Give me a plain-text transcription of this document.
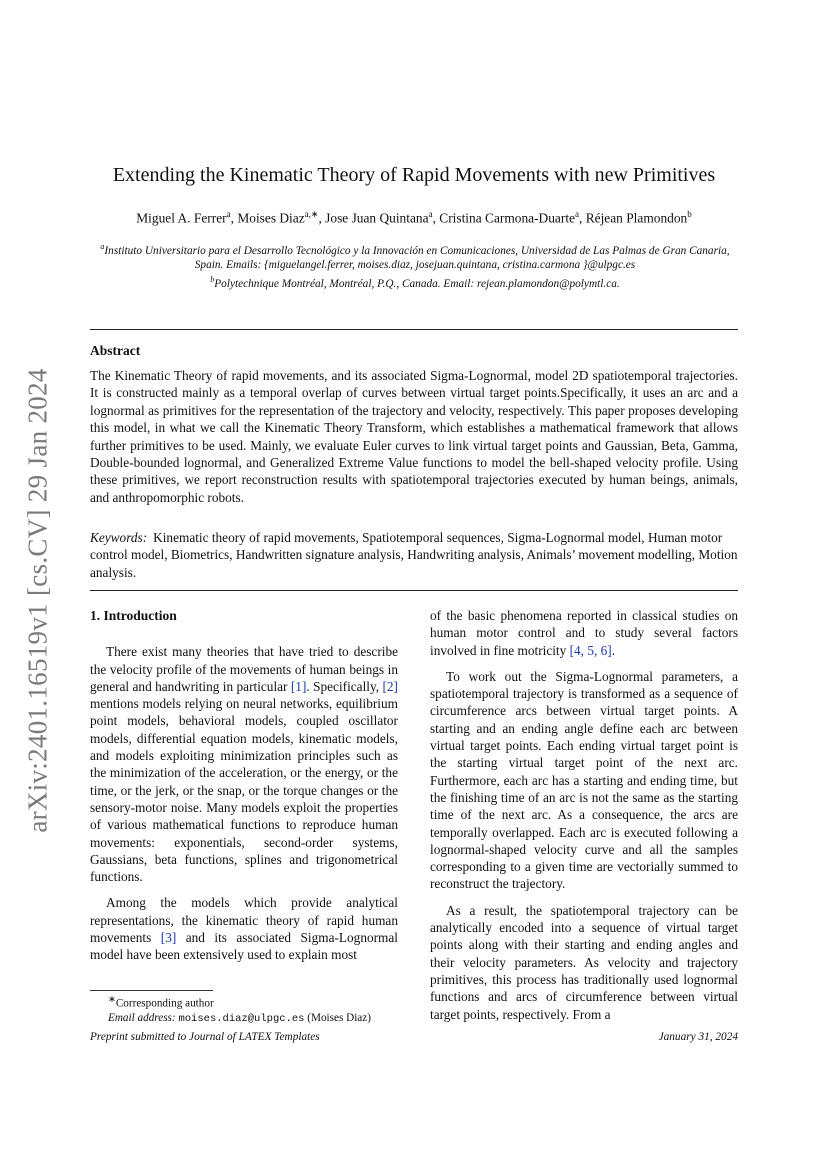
arXiv:2401.16519v1 [cs.CV] 29 Jan 2024
Extending the Kinematic Theory of Rapid Movements with new Primitives
Miguel A. Ferrer$^a$, Moises Diaz$^{a,∗}$, Jose Juan Quintana$^a$, Cristina Carmona-Duarte$^a$, Réjean Plamondon$^b$
$^a$Instituto Universitario para el Desarrollo Tecnológico y la Innovación en Comunicaciones, Universidad de Las Palmas de Gran Canaria, Spain. Emails: {miguelangel.ferrer, moises.diaz, josejuan.quintana, cristina.carmona }@ulpgc.es
$^b$Polytechnique Montréal, Montréal, P.Q., Canada. Email: rejean.plamondon@polymtl.ca.
Abstract
The Kinematic Theory of rapid movements, and its associated Sigma-Lognormal, model 2D spatiotemporal trajectories. It is constructed mainly as a temporal overlap of curves between virtual target points.Specifically, it uses an arc and a lognormal as primitives for the representation of the trajectory and velocity, respectively. This paper proposes developing this model, in what we call the Kinematic Theory Transform, which establishes a mathematical framework that allows further primitives to be used. Mainly, we evaluate Euler curves to link virtual target points and Gaussian, Beta, Gamma, Double-bounded lognormal, and Generalized Extreme Value functions to model the bell-shaped velocity profile. Using these primitives, we report reconstruction results with spatiotemporal trajectories executed by human beings, animals, and anthropomorphic robots.
Keywords: Kinematic theory of rapid movements, Spatiotemporal sequences, Sigma-Lognormal model, Human motor control model, Biometrics, Handwritten signature analysis, Handwriting analysis, Animals’ movement modelling, Motion analysis.
1. Introduction

There exist many theories that have tried to describe the velocity profile of the movements of human beings in general and handwriting in particular [1]. Specifically, [2] mentions models relying on neural networks, equilibrium point models, behavioral models, coupled oscillator models, differential equation models, kinematic models, and models exploiting minimization principles such as the minimization of the acceleration, or the energy, or the time, or the jerk, or the snap, or the torque changes or the sensory-motor noise. Many models exploit the properties of various mathematical functions to reproduce human movements: exponentials, second-order systems, Gaussians, beta functions, splines and trigonometrical functions.

Among the models which provide analytical representations, the kinematic theory of rapid human movements [3] and its associated Sigma-Lognormal model have been extensively used to explain most

of the basic phenomena reported in classical studies on human motor control and to study several factors involved in fine motricity [4, 5, 6].

To work out the Sigma-Lognormal parameters, a spatiotemporal trajectory is transformed as a sequence of circumference arcs between virtual target points. A starting and an ending angle define each arc between virtual target points. Each ending virtual target point is the starting virtual target point of the next arc. Furthermore, each arc has a starting and ending time, but the finishing time of an arc is not the same as the starting time of the next arc. As a consequence, the arcs are temporally overlapped. Each arc is executed following a lognormal-shaped velocity curve and all the samples corresponding to a given time are vectorially summed to reconstruct the trajectory.

As a result, the spatiotemporal trajectory can be analytically encoded into a sequence of virtual target points along with their starting and ending angles and their velocity parameters. As velocity and trajectory primitives, this process has traditionally used lognormal functions and arcs of circumference between virtual target points, respectively. From a

∗Corresponding author
Email address: moises.diaz@ulpgc.es (Moises Diaz)
Preprint submitted to Journal of LATEX Templates	January 31, 2024
